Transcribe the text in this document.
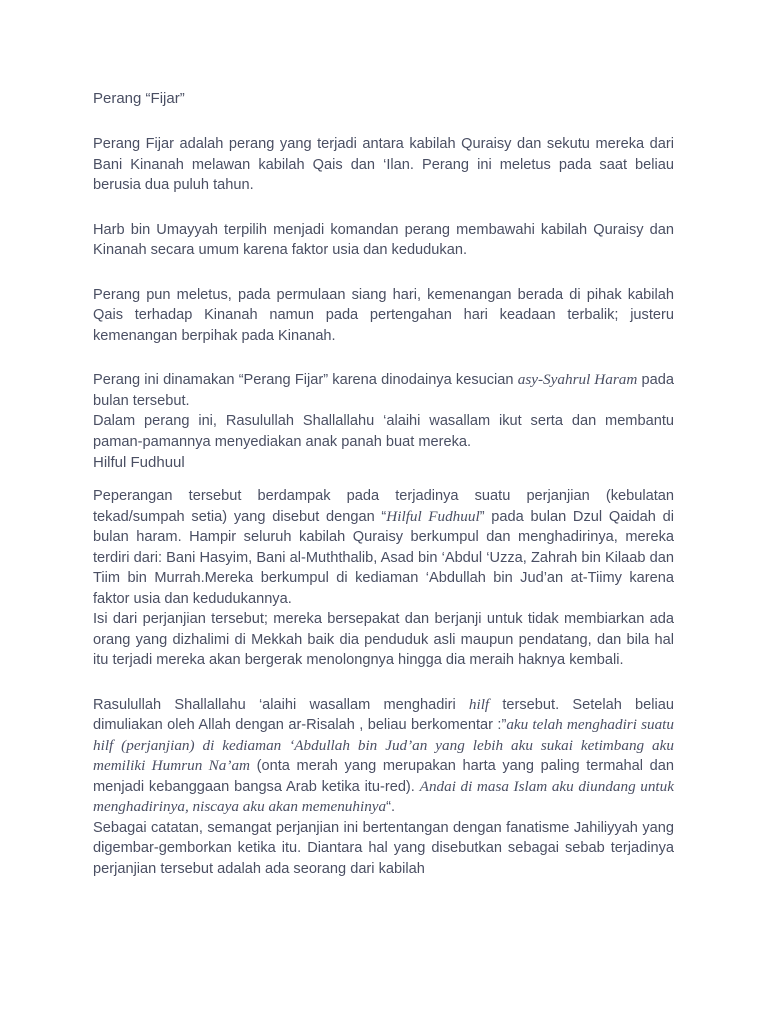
Perang “Fijar”

Perang Fijar adalah perang yang terjadi antara kabilah Quraisy dan sekutu mereka dari Bani Kinanah melawan kabilah Qais dan ‘Ilan. Perang ini meletus pada saat beliau berusia dua puluh tahun.

Harb bin Umayyah terpilih menjadi komandan perang membawahi kabilah Quraisy dan Kinanah secara umum karena faktor usia dan kedudukan.

Perang pun meletus, pada permulaan siang hari, kemenangan berada di pihak kabilah Qais terhadap Kinanah namun pada pertengahan hari keadaan terbalik; justeru kemenangan berpihak pada Kinanah.

Perang ini dinamakan “Perang Fijar” karena dinodainya kesucian asy-Syahrul Haram pada bulan tersebut.

Dalam perang ini, Rasulullah Shallallahu ‘alaihi wasallam ikut serta dan membantu paman-pamannya menyediakan anak panah buat mereka.

Hilful Fudhuul

Peperangan tersebut berdampak pada terjadinya suatu perjanjian (kebulatan tekad/sumpah setia) yang disebut dengan “Hilful Fudhuul” pada bulan Dzul Qaidah di bulan haram. Hampir seluruh kabilah Quraisy berkumpul dan menghadirinya, mereka terdiri dari: Bani Hasyim, Bani al-Muththalib, Asad bin ‘Abdul ‘Uzza, Zahrah bin Kilaab dan Tiim bin Murrah.Mereka berkumpul di kediaman ‘Abdullah bin Jud’an at-Tiimy karena faktor usia dan kedudukannya.

Isi dari perjanjian tersebut; mereka bersepakat dan berjanji untuk tidak membiarkan ada orang yang dizhalimi di Mekkah baik dia penduduk asli maupun pendatang, dan bila hal itu terjadi mereka akan bergerak menolongnya hingga dia meraih haknya kembali.

Rasulullah Shallallahu ‘alaihi wasallam menghadiri hilf tersebut. Setelah beliau dimuliakan oleh Allah dengan ar-Risalah , beliau berkomentar :”aku telah menghadiri suatu hilf (perjanjian) di kediaman ‘Abdullah bin Jud’an yang lebih aku sukai ketimbang aku memiliki Humrun Na’am (onta merah yang merupakan harta yang paling termahal dan menjadi kebanggaan bangsa Arab ketika itu-red). Andai di masa Islam aku diundang untuk menghadirinya, niscaya aku akan memenuhinya“.

Sebagai catatan, semangat perjanjian ini bertentangan dengan fanatisme Jahiliyyah yang digembar-gemborkan ketika itu. Diantara hal yang disebutkan sebagai sebab terjadinya perjanjian tersebut adalah ada seorang dari kabilah
